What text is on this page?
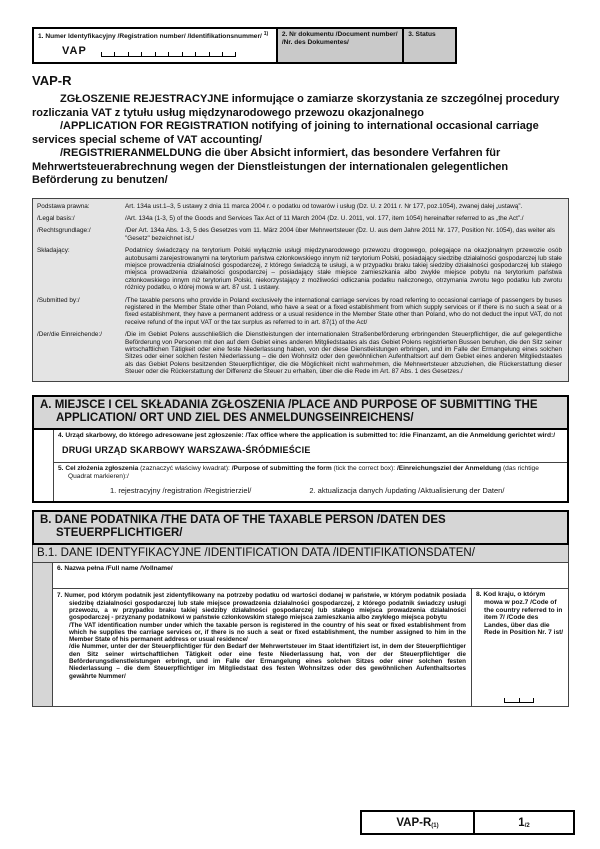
1. Numer Identyfikacyjny /Registration number/ /Identifikationsnummer/ $^{1)}$
VAP
2. Nr dokumentu /Document number/ /Nr. des Dokumentes/
3. Status
VAP-R

ZGŁOSZENIE REJESTRACYJNE informujące o zamiarze skorzystania ze szczególnej procedury rozliczania VAT z tytułu usług międzynarodowego przewozu okazjonalnego

/APPLICATION FOR REGISTRATION notifying of joining to international occasional carriage services special scheme of VAT accounting/

/REGISTRIERANMELDUNG die über Absicht informiert, das besondere Verfahren für Mehrwertsteuerabrechnung wegen der Dienstleistungen der internationalen gelegentlichen Beförderung zu benutzen/

Podstawa prawna:	Art. 134a ust.1–3, 5 ustawy z dnia 11 marca 2004 r. o podatku od towarów i usług (Dz. U. z 2011 r. Nr 177, poz.1054), zwanej dalej „ustawą”.
/Legal basis:/	/Art. 134a (1-3, 5) of the Goods and Services Tax Act of 11 March 2004 (Dz. U. 2011, vol. 177, item 1054) hereinafter referred to as „the Act”./
/Rechtsgrundlage:/	/Der Art. 134a Abs. 1-3, 5 des Gesetzes vom 11. März 2004 über Mehrwertsteuer (Dz. U. aus dem Jahre 2011 Nr. 177, Position Nr. 1054), das weiter als "Gesetz" bezeichnet ist./
Składający:	Podatnicy świadczący na terytorium Polski wyłącznie usługi międzynarodowego przewozu drogowego, polegające na okazjonalnym przewozie osób autobusami zarejestrowanymi na terytorium państwa członkowskiego innym niż terytorium Polski, posiadający siedzibę działalności gospodarczej lub stałe miejsce prowadzenia działalności gospodarczej, z którego świadczą te usługi, a w przypadku braku takiej siedziby działalności gospodarczej lub stałego miejsca prowadzenia działalności gospodarczej – posiadający stałe miejsce zamieszkania albo zwykłe miejsce pobytu na terytorium państwa członkowskiego innym niż terytorium Polski, niekorzystający z możliwości odliczania podatku naliczonego, otrzymania zwrotu tego podatku lub zwrotu różnicy podatku, o której mowa w art. 87 ust. 1 ustawy.
/Submitted by:/	/The taxable persons who provide in Poland exclusively the international carriage services by road referring to occasional carriage of passengers by buses registered in the Member State other than Poland, who have a seat or a fixed establishment from which supply services or if there is no such a seat or a fixed establishment, they have a permanent address or a usual residence in the Member State other than Poland, who do not deduct the input VAT, do not receive refund of the input VAT or the tax surplus as referred to in art. 87(1) of the Act/
/Der/die Einreichende:/	/Die im Gebiet Polens ausschließlich die Dienstleistungen der internationalen Straßenbeförderung erbringenden Steuerpflichtiger, die auf gelegentliche Beförderung von Personen mit den auf dem Gebiet eines anderen Mitgliedstaates als das Gebiet Polens registrierten Bussen beruhen, die den Sitz seiner wirtschaftlichen Tätigkeit oder eine feste Niederlassung haben, von der diese Dienstleistungen erbringen, und im Falle der Ermangelung eines solchen Sitzes oder einer solchen festen Niederlassung – die den Wohnsitz oder den gewöhnlichen Aufenthaltsort auf dem Gebiet eines anderen Mitgliedstaates als das Gebiet Polens besitzenden Steuerpflichtiger, die die Möglichkeit nicht wahrnehmen, die Mehrwertsteuer abzuziehen, die Rückerstattung dieser Steuer oder die Rückerstattung der Differenz die Steuer zu erhalten, über die die Rede im Art. 87 Abs. 1 des Gesetzes./
A. MIEJSCE I CEL SKŁADANIA ZGŁOSZENIA /PLACE AND PURPOSE OF SUBMITTING THE APPLICATION/ ORT UND ZIEL DES ANMELDUNGSEINREICHENS/
4. Urząd skarbowy, do którego adresowane jest zgłoszenie: /Tax office where the application is submitted to: /die Finanzamt, an die Anmeldung gerichtet wird:/
DRUGI URZĄD SKARBOWY WARSZAWA-ŚRÓDMIEŚCIE
5. Cel złożenia zgłoszenia (zaznaczyć właściwy kwadrat): /Purpose of submitting the form (tick the correct box): /Einreichungsziel der Anmeldung (das richtige Quadrat markieren):/
1. rejestracyjny /registration /Registrierziel/	2. aktualizacja danych /updating /Aktualisierung der Daten/
B. DANE PODATNIKA /THE DATA OF THE TAXABLE PERSON /DATEN DES STEUERPFLICHTIGER/
B.1. DANE IDENTYFIKACYJNE /IDENTIFICATION DATA /IDENTIFIKATIONSDATEN/
6. Nazwa pełna /Full name /Vollname/

7. Numer, pod którym podatnik jest zidentyfikowany na potrzeby podatku od wartości dodanej w państwie, w którym podatnik posiada siedzibę działalności gospodarczej lub stałe miejsce prowadzenia działalności gospodarczej, z którego podatnik świadczy usługi przewozu, a w przypadku braku takiej siedziby działalności gospodarczej lub stałego miejsca prowadzenia działalności gospodarczej - przyznany podatnikowi w państwie członkowskim stałego miejsca zamieszkania albo zwykłego miejsca pobytu

/The VAT identification number under which the taxable person is registered in the country of his seat or fixed establishment from which he supplies the carriage services or, if there is no such a seat or fixed establishment, the number assigned to him in the Member State of his permanent address or usual residence/

/die Nummer, unter der der Steuerpflichtiger für den Bedarf der Mehrwertsteuer im Staat identifiziert ist, in dem der Steuerpflichtiger den Sitz seiner wirtschaftlichen Tätigkeit oder eine feste Niederlassung hat, von der der Steuerpflichtiger die Beförderungsdienstleistungen erbringt, und im Falle der Ermangelung eines solchen Sitzes oder einer solchen festen Niederlassung – die dem Steuerpflichtiger im Mitgliedstaat des festen Wohnsitzes oder des gewöhnlichen Aufenthaltsortes gewährte Nummer/

8. Kod kraju, o którym mowa w poz.7 /Code of the country referred to in item 7/ /Code des Landes, über das die Rede in Position Nr. 7 ist/
VAP-R (1)	1 /2
